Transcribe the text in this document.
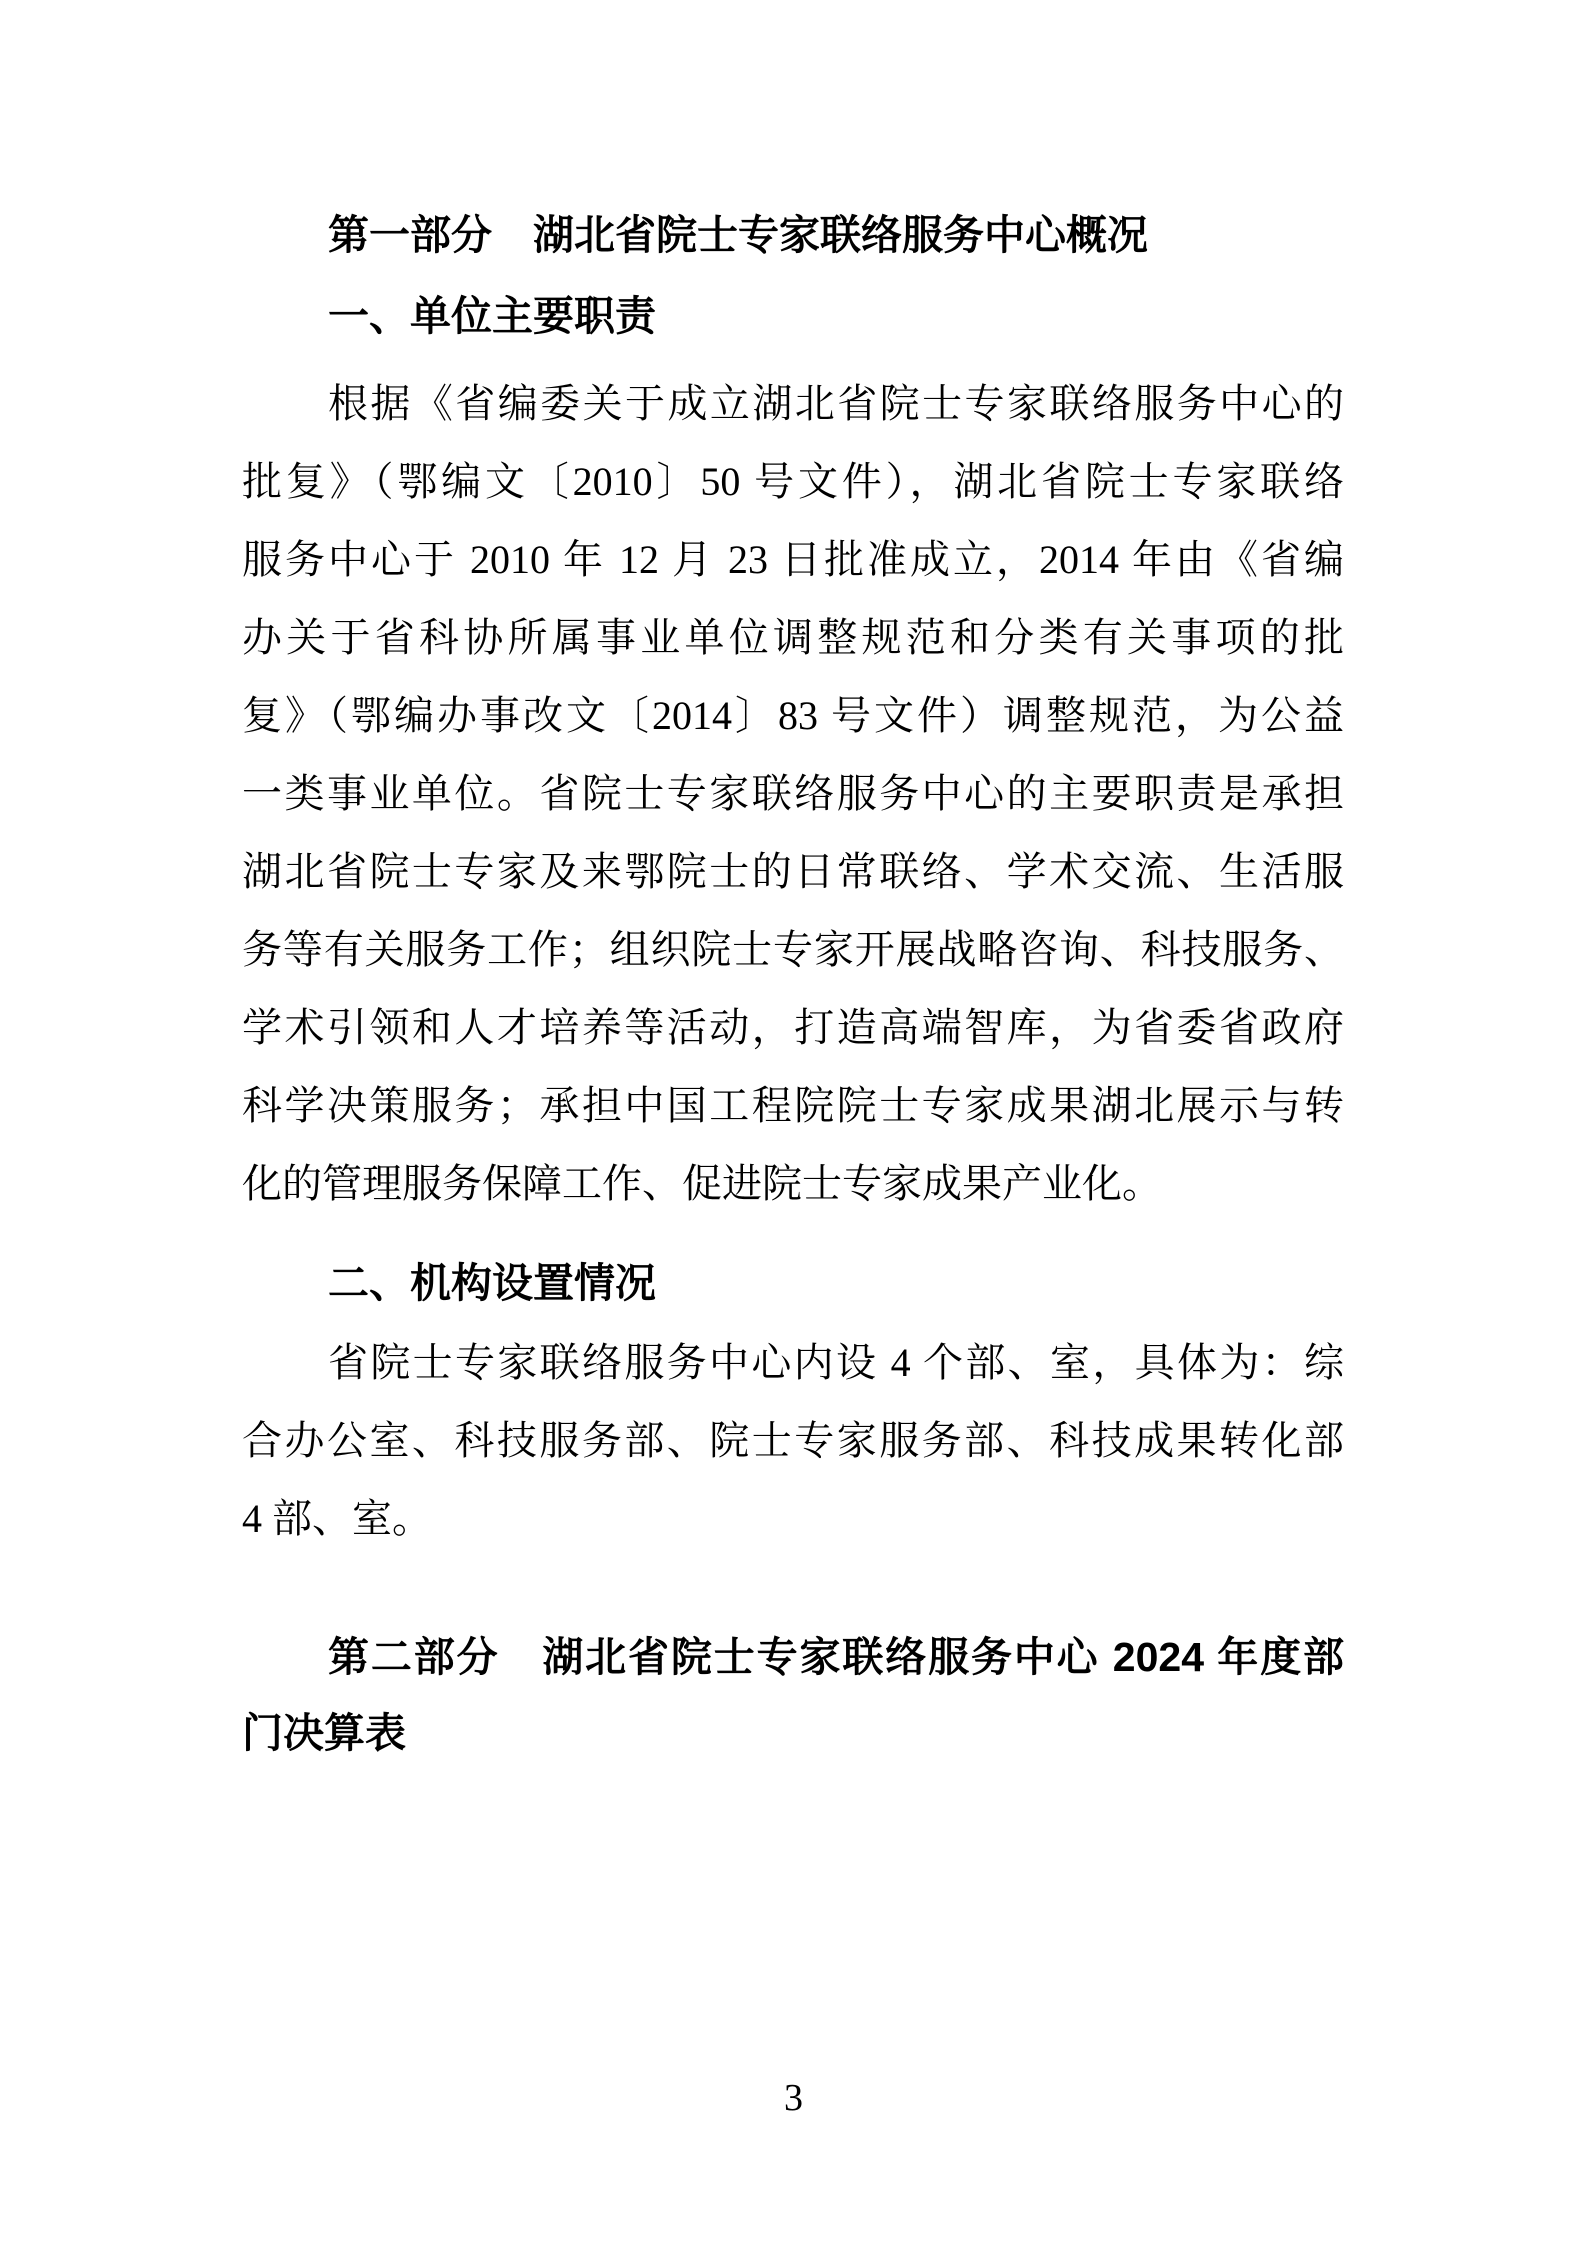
第一部分　湖北省院士专家联络服务中心概况
一、单位主要职责
根据《省编委关于成立湖北省院士专家联络服务中心的
批复》（鄂编文〔2010〕50 号文件），湖北省院士专家联络
服务中心于 2010 年 12 月 23 日批准成立，2014 年由《省编
办关于省科协所属事业单位调整规范和分类有关事项的批
复》（鄂编办事改文〔2014〕83 号文件）调整规范，为公益
一类事业单位。省院士专家联络服务中心的主要职责是承担
湖北省院士专家及来鄂院士的日常联络、学术交流、生活服
务等有关服务工作；组织院士专家开展战略咨询、科技服务、
学术引领和人才培养等活动，打造高端智库，为省委省政府
科学决策服务；承担中国工程院院士专家成果湖北展示与转
化的管理服务保障工作、促进院士专家成果产业化。
二、机构设置情况
省院士专家联络服务中心内设 4 个部、室，具体为：综
合办公室、科技服务部、院士专家服务部、科技成果转化部
4 部、室。
第二部分　湖北省院士专家联络服务中心 2024 年度部
门决算表
3
